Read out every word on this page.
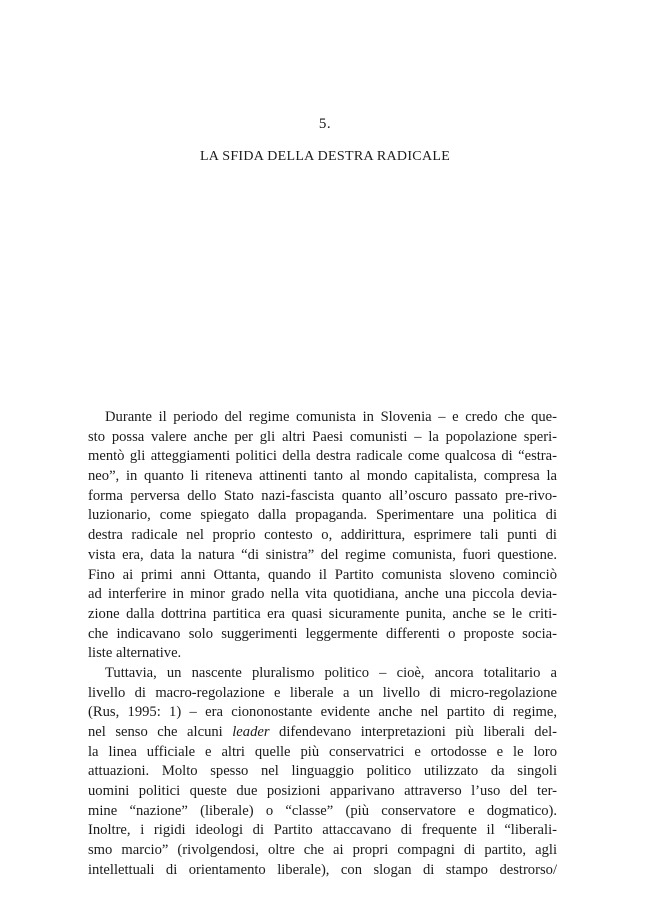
5.
LA SFIDA DELLA DESTRA RADICALE
Durante il periodo del regime comunista in Slovenia – e credo che que-
sto possa valere anche per gli altri Paesi comunisti – la popolazione speri-
mentò gli atteggiamenti politici della destra radicale come qualcosa di “estra-
neo”, in quanto li riteneva attinenti tanto al mondo capitalista, compresa la
forma perversa dello Stato nazi-fascista quanto all’oscuro passato pre-rivo-
luzionario, come spiegato dalla propaganda. Sperimentare una politica di
destra radicale nel proprio contesto o, addirittura, esprimere tali punti di
vista era, data la natura “di sinistra” del regime comunista, fuori questione.
Fino ai primi anni Ottanta, quando il Partito comunista sloveno cominciò
ad interferire in minor grado nella vita quotidiana, anche una piccola devia-
zione dalla dottrina partitica era quasi sicuramente punita, anche se le criti-
che indicavano solo suggerimenti leggermente differenti o proposte socia-
liste alternative.
Tuttavia, un nascente pluralismo politico – cioè, ancora totalitario a
livello di macro-regolazione e liberale a un livello di micro-regolazione
(Rus, 1995: 1) – era ciononostante evidente anche nel partito di regime,
nel senso che alcuni leader difendevano interpretazioni più liberali del-
la linea ufficiale e altri quelle più conservatrici e ortodosse e le loro
attuazioni. Molto spesso nel linguaggio politico utilizzato da singoli
uomini politici queste due posizioni apparivano attraverso l’uso del ter-
mine “nazione” (liberale) o “classe” (più conservatore e dogmatico).
Inoltre, i rigidi ideologi di Partito attaccavano di frequente il “liberali-
smo marcio” (rivolgendosi, oltre che ai propri compagni di partito, agli
intellettuali di orientamento liberale), con slogan di stampo destrorso/
